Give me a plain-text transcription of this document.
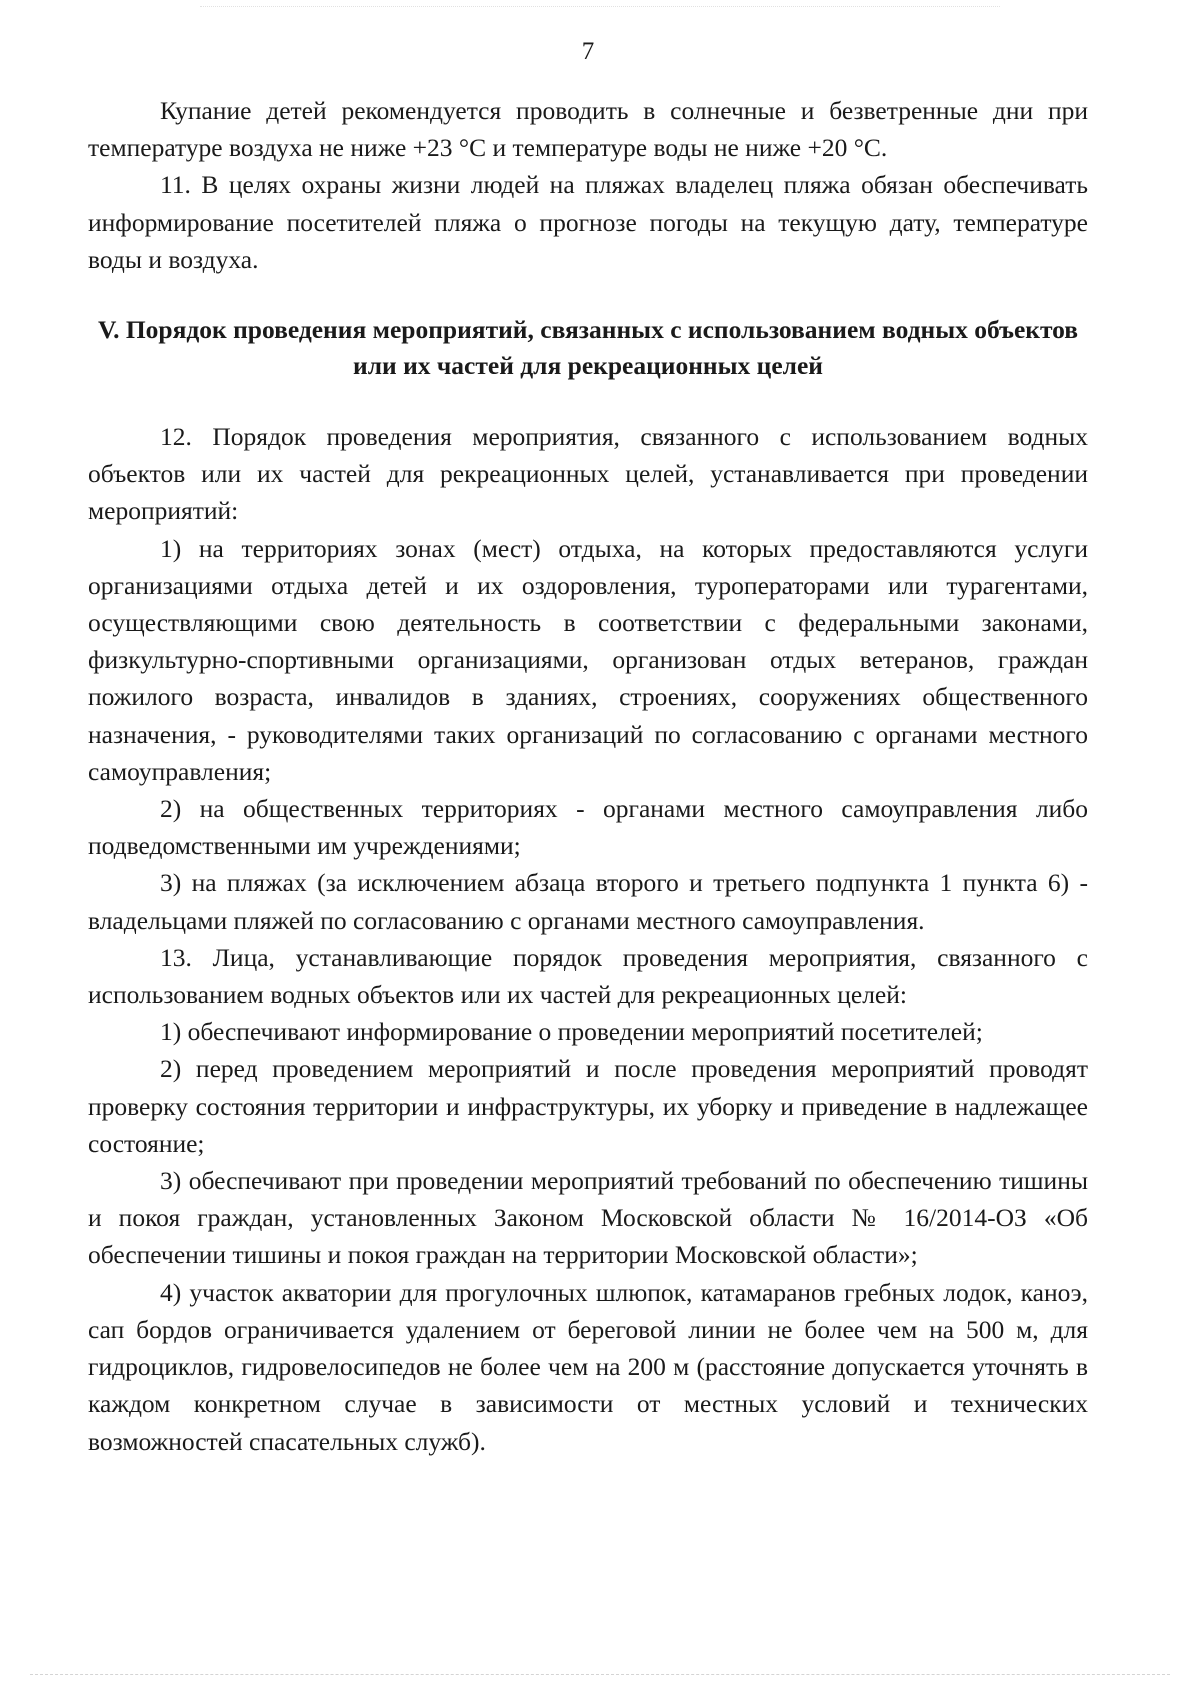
7

Купание детей рекомендуется проводить в солнечные и безветренные дни при температуре воздуха не ниже +23 °С и температуре воды не ниже +20 °С.

11. В целях охраны жизни людей на пляжах владелец пляжа обязан обеспечивать информирование посетителей пляжа о прогнозе погоды на текущую дату, температуре воды и воздуха.

V. Порядок проведения мероприятий, связанных с использованием водных объектов или их частей для рекреационных целей

12. Порядок проведения мероприятия, связанного с использованием водных объектов или их частей для рекреационных целей, устанавливается при проведении мероприятий:

1) на территориях зонах (мест) отдыха, на которых предоставляются услуги организациями отдыха детей и их оздоровления, туроператорами или турагентами, осуществляющими свою деятельность в соответствии с федеральными законами, физкультурно-спортивными организациями, организован отдых ветеранов, граждан пожилого возраста, инвалидов в зданиях, строениях, сооружениях общественного назначения, - руководителями таких организаций по согласованию с органами местного самоуправления;

2) на общественных территориях - органами местного самоуправления либо подведомственными им учреждениями;

3) на пляжах (за исключением абзаца второго и третьего подпункта 1 пункта 6) - владельцами пляжей по согласованию с органами местного самоуправления.

13. Лица, устанавливающие порядок проведения мероприятия, связанного с использованием водных объектов или их частей для рекреационных целей:

1) обеспечивают информирование о проведении мероприятий посетителей;

2) перед проведением мероприятий и после проведения мероприятий проводят проверку состояния территории и инфраструктуры, их уборку и приведение в надлежащее состояние;

3) обеспечивают при проведении мероприятий требований по обеспечению тишины и покоя граждан, установленных Законом Московской области № 16/2014-ОЗ «Об обеспечении тишины и покоя граждан на территории Московской области»;

4) участок акватории для прогулочных шлюпок, катамаранов гребных лодок, каноэ, сап бордов ограничивается удалением от береговой линии не более чем на 500 м, для гидроциклов, гидровелосипедов не более чем на 200 м (расстояние допускается уточнять в каждом конкретном случае в зависимости от местных условий и технических возможностей спасательных служб).
